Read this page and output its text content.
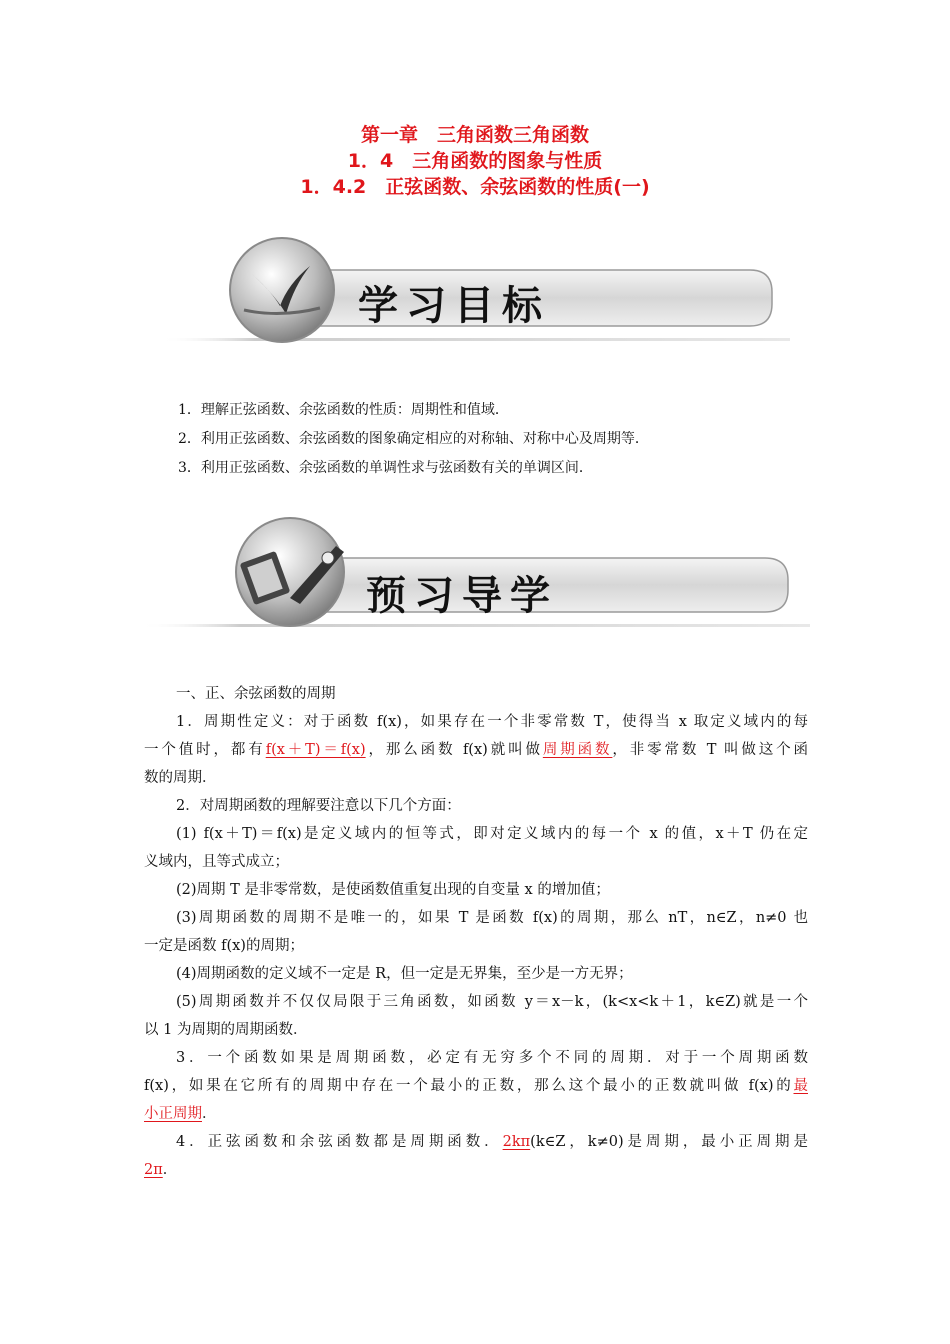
第一章　三角函数三角函数
1．4　三角函数的图象与性质
1．4.2　正弦函数、余弦函数的性质(一)
学习目标
1．理解正弦函数、余弦函数的性质：周期性和值域．
2．利用正弦函数、余弦函数的图象确定相应的对称轴、对称中心及周期等．
3．利用正弦函数、余弦函数的单调性求与弦函数有关的单调区间．
预习导学
一、正、余弦函数的周期
1．周期性定义：对于函数 f(x)，如果存在一个非零常数 T，使得当 x 取定义域内的每
一个值时，都有f(x＋T)＝f(x)，那么函数 f(x)就叫做周期函数，非零常数 T 叫做这个函
数的周期．
2．对周期函数的理解要注意以下几个方面：
(1) f(x＋T)＝f(x)是定义域内的恒等式，即对定义域内的每一个 x 的值，x＋T 仍在定
义域内，且等式成立；
(2)周期 T 是非零常数，是使函数值重复出现的自变量 x 的增加值；
(3)周期函数的周期不是唯一的，如果 T 是函数 f(x)的周期，那么 nT，n∈Z，n≠0 也
一定是函数 f(x)的周期；
(4)周期函数的定义域不一定是 R，但一定是无界集，至少是一方无界；
(5)周期函数并不仅仅局限于三角函数，如函数 y＝x－k，(k<x<k＋1，k∈Z)就是一个
以 1 为周期的周期函数．
3．一个函数如果是周期函数，必定有无穷多个不同的周期．对于一个周期函数
f(x)，如果在它所有的周期中存在一个最小的正数，那么这个最小的正数就叫做 f(x)的最
小正周期．
4．正弦函数和余弦函数都是周期函数．2kπ(k∈Z，k≠0)是周期，最小正周期是
2π．
